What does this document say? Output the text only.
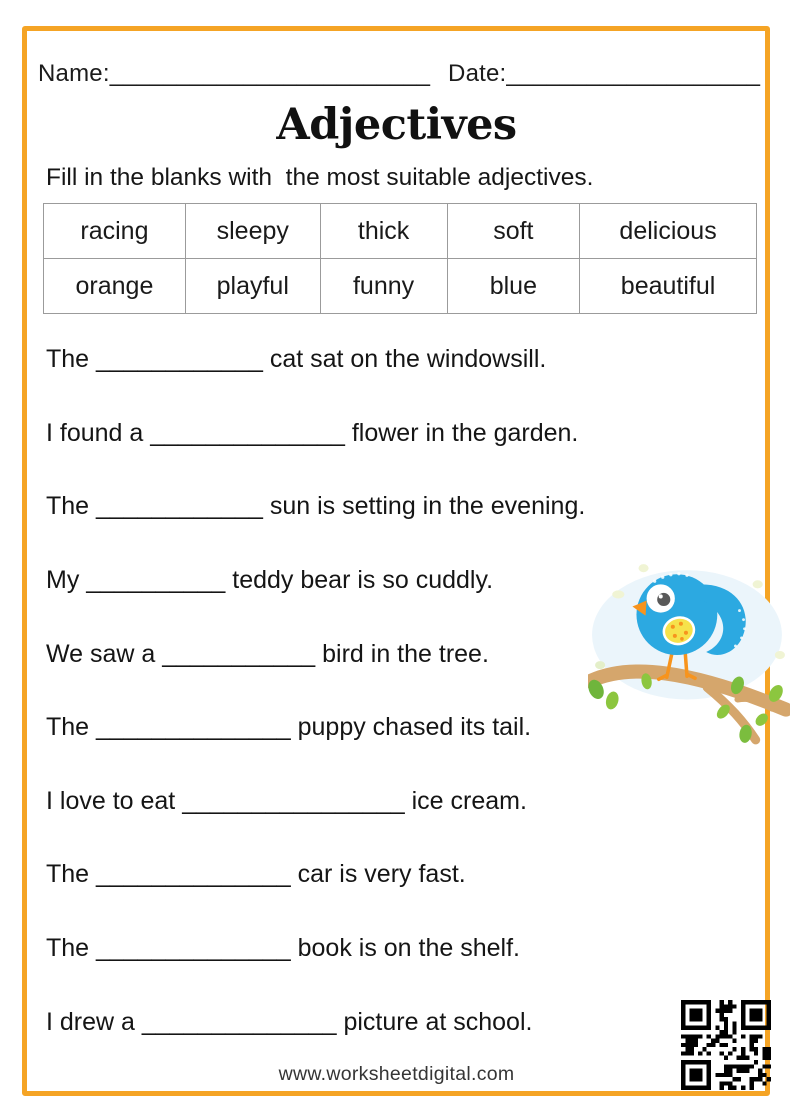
Name:________________________ Date:___________________
Adjectives

Fill in the blanks with  the most suitable adjectives.

racing	sleepy	thick	soft	delicious
orange	playful	funny	blue	beautiful
The ____________ cat sat on the windowsill.
I found a ______________ flower in the garden.
The ____________ sun is setting in the evening.
My __________ teddy bear is so cuddly.
We saw a ___________ bird in the tree.
The ______________ puppy chased its tail.
I love to eat ________________ ice cream.
The ______________ car is very fast.
The ______________ book is on the shelf.
I drew a ______________ picture at school.
www.worksheetdigital.com
